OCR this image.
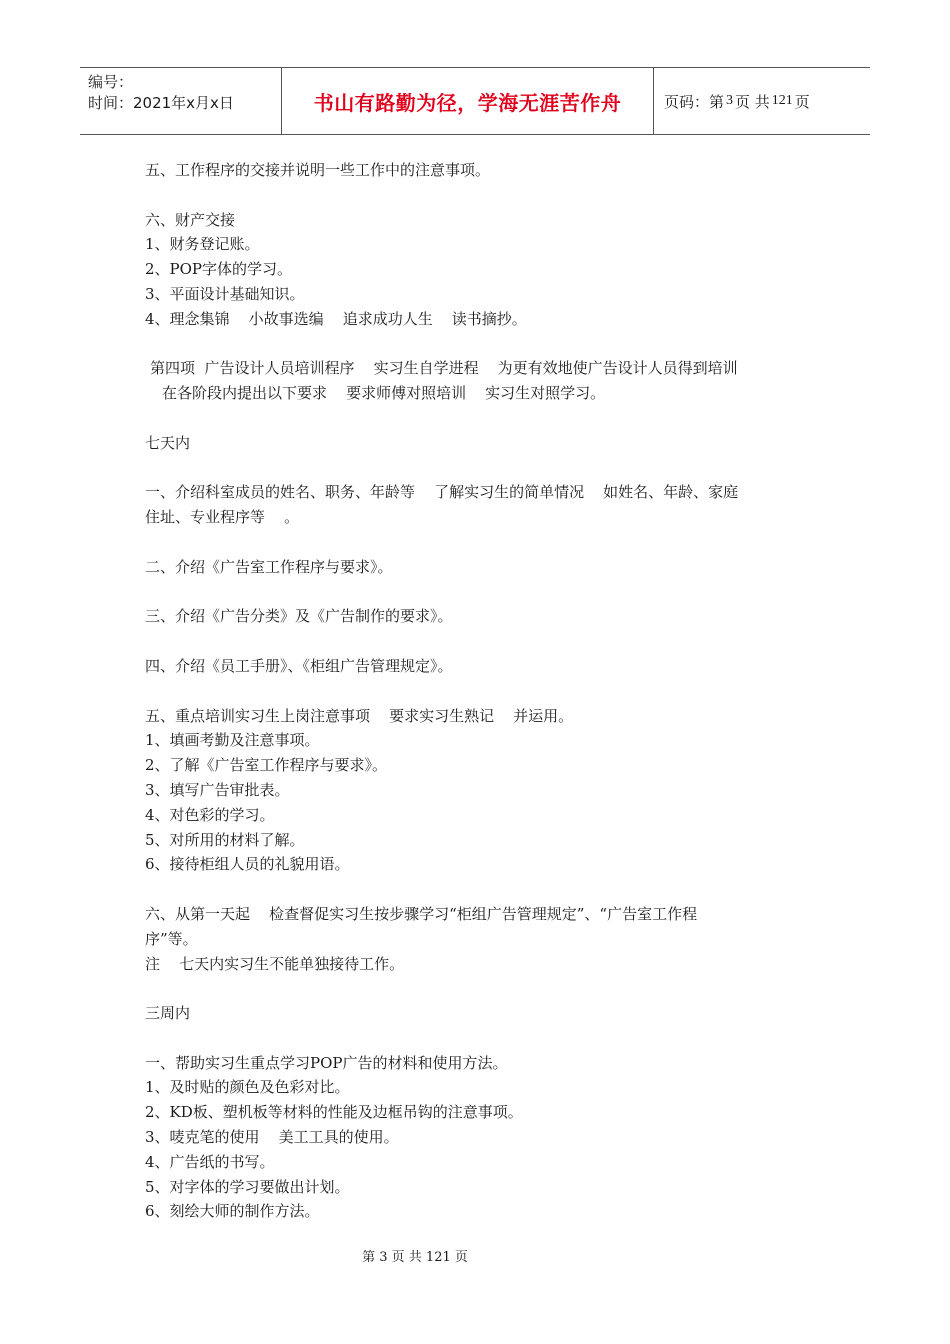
编号：
时间：2021年x月x日	书山有路勤为径，学海无涯苦作舟	页码：第 3 页 共 121 页
五、工作程序的交接并说明一些工作中的注意事项。
六、财产交接
1、财务登记账。
2、POP字体的学习。
3、平面设计基础知识。
4、理念集锦    小故事选编    追求成功人生    读书摘抄。
第四项  广告设计人员培训程序    实习生自学进程    为更有效地使广告设计人员得到培训
在各阶段内提出以下要求    要求师傅对照培训    实习生对照学习。
七天内
一、介绍科室成员的姓名、职务、年龄等    了解实习生的简单情况    如姓名、年龄、家庭
住址、专业程序等    。
二、介绍《广告室工作程序与要求》。
三、介绍《广告分类》及《广告制作的要求》。
四、介绍《员工手册》、《柜组广告管理规定》。
五、重点培训实习生上岗注意事项    要求实习生熟记    并运用。
1、填画考勤及注意事项。
2、了解《广告室工作程序与要求》。
3、填写广告审批表。
4、对色彩的学习。
5、对所用的材料了解。
6、接待柜组人员的礼貌用语。
六、从第一天起    检查督促实习生按步骤学习“柜组广告管理规定”、“广告室工作程
序”等。
注    七天内实习生不能单独接待工作。
三周内
一、帮助实习生重点学习POP广告的材料和使用方法。
1、及时贴的颜色及色彩对比。
2、KD板、塑机板等材料的性能及边框吊钩的注意事项。
3、唛克笔的使用    美工工具的使用。
4、广告纸的书写。
5、对字体的学习要做出计划。
6、刻绘大师的制作方法。
第 3 页 共 121 页
